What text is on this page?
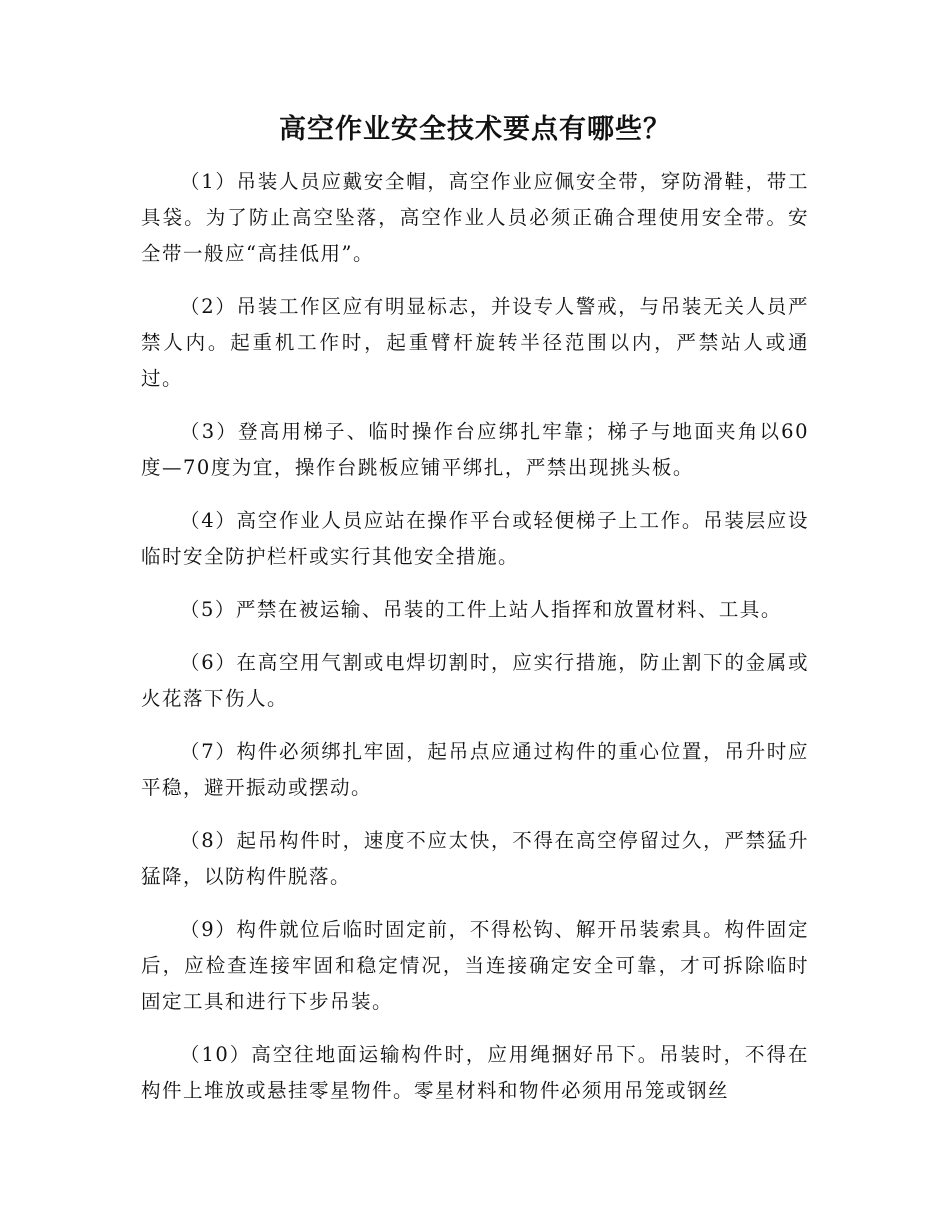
高空作业安全技术要点有哪些？

（1）吊装人员应戴安全帽，高空作业应佩安全带，穿防滑鞋，带工具袋。为了防止高空坠落，高空作业人员必须正确合理使用安全带。安全带一般应“高挂低用”。

（2）吊装工作区应有明显标志，并设专人警戒，与吊装无关人员严禁人内。起重机工作时，起重臂杆旋转半径范围以内，严禁站人或通过。

（3）登高用梯子、临时操作台应绑扎牢靠；梯子与地面夹角以60度—70度为宜，操作台跳板应铺平绑扎，严禁出现挑头板。

（4）高空作业人员应站在操作平台或轻便梯子上工作。吊装层应设临时安全防护栏杆或实行其他安全措施。

（5）严禁在被运输、吊装的工件上站人指挥和放置材料、工具。

（6）在高空用气割或电焊切割时，应实行措施，防止割下的金属或火花落下伤人。

（7）构件必须绑扎牢固，起吊点应通过构件的重心位置，吊升时应平稳，避开振动或摆动。

（8）起吊构件时，速度不应太快，不得在高空停留过久，严禁猛升猛降，以防构件脱落。

（9）构件就位后临时固定前，不得松钩、解开吊装索具。构件固定后，应检查连接牢固和稳定情况，当连接确定安全可靠，才可拆除临时固定工具和进行下步吊装。

（10）高空往地面运输构件时，应用绳捆好吊下。吊装时，不得在构件上堆放或悬挂零星物件。零星材料和物件必须用吊笼或钢丝
